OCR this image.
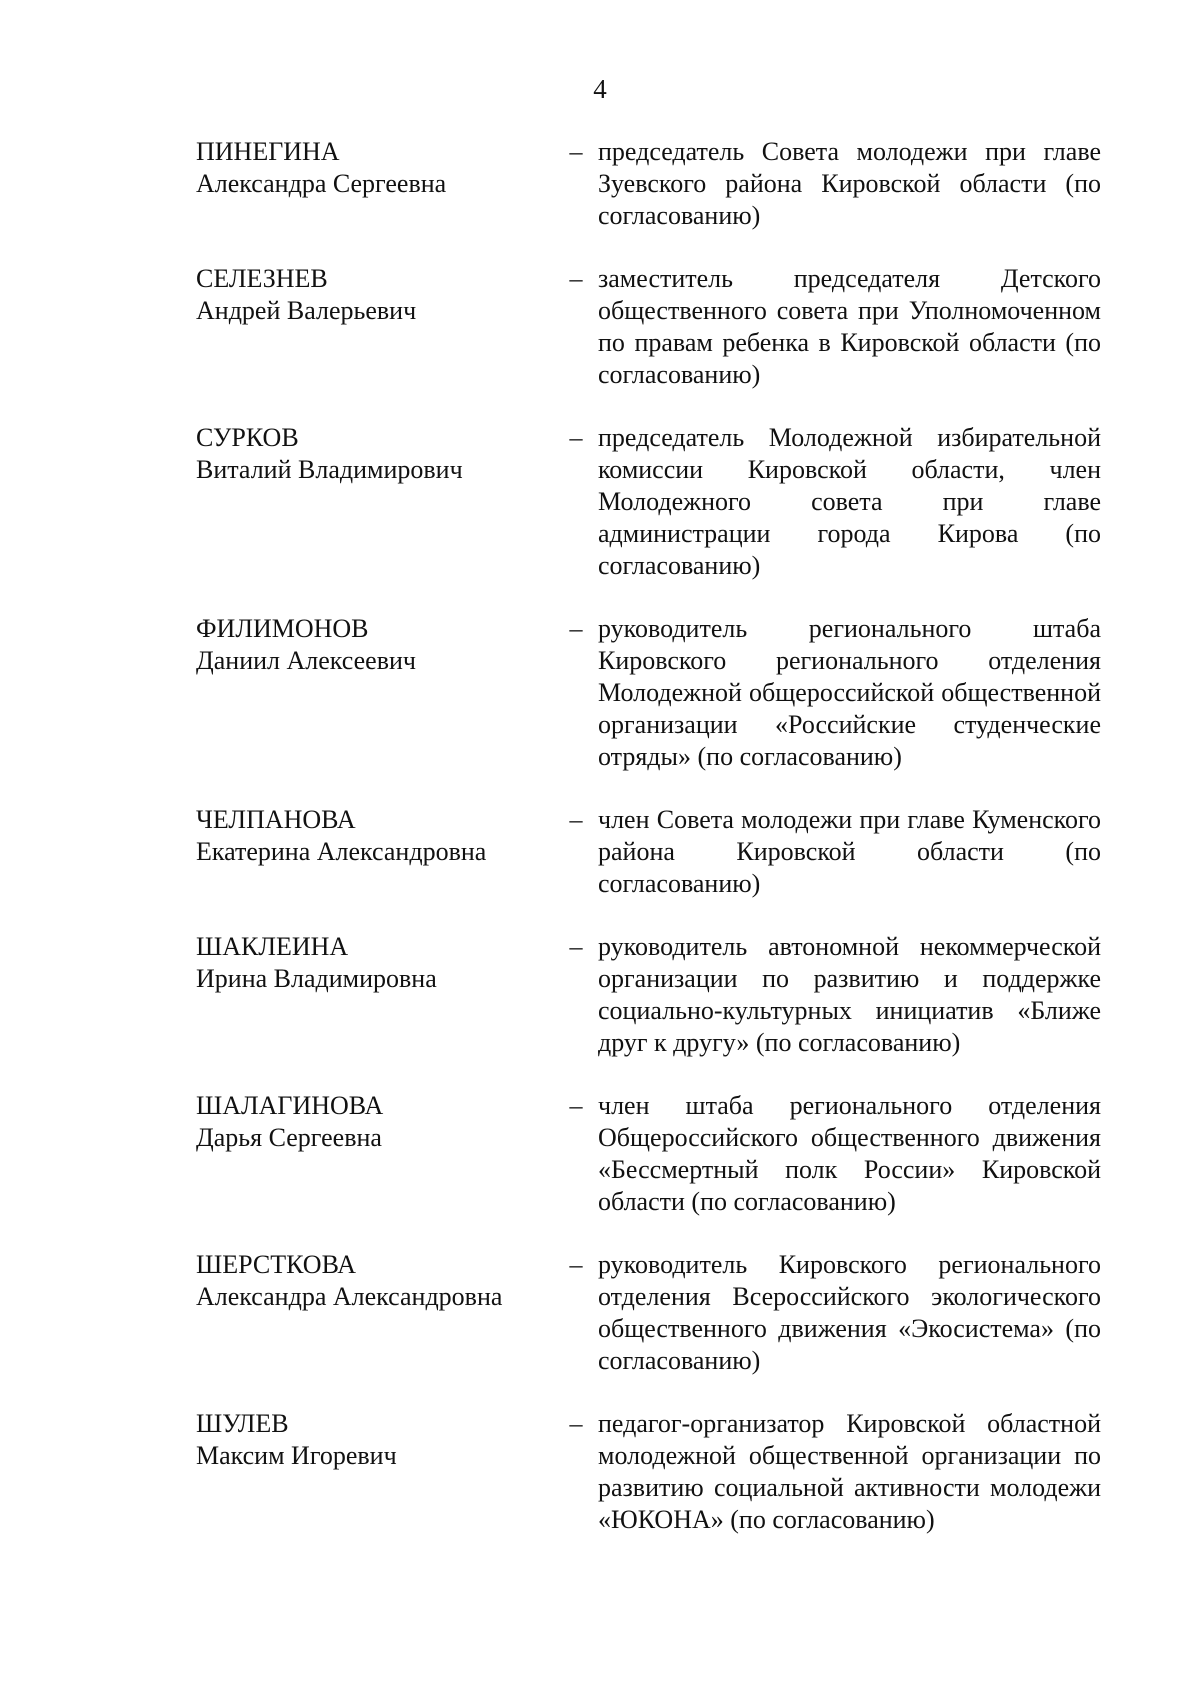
4
ПИНЕГИНА
Александра Сергеевна
– председатель Совета молодежи при главе Зуевского района Кировской области (по согласованию)

СЕЛЕЗНЕВ
Андрей Валерьевич
– заместитель председателя Детского общественного совета при Уполномоченном по правам ребенка в Кировской области (по согласованию)

СУРКОВ
Виталий Владимирович
– председатель Молодежной избирательной комиссии Кировской области, член Молодежного совета при главе администрации города Кирова (по согласованию)

ФИЛИМОНОВ
Даниил Алексеевич
– руководитель регионального штаба Кировского регионального отделения Молодежной общероссийской общественной организации «Российские студенческие отряды» (по согласованию)

ЧЕЛПАНОВА
Екатерина Александровна
– член Совета молодежи при главе Куменского района Кировской области (по согласованию)

ШАКЛЕИНА
Ирина Владимировна
– руководитель автономной некоммерческой организации по развитию и поддержке социально-культурных инициатив «Ближе друг к другу» (по согласованию)

ШАЛАГИНОВА
Дарья Сергеевна
– член штаба регионального отделения Общероссийского общественного движения «Бессмертный полк России» Кировской области (по согласованию)

ШЕРСТКОВА
Александра Александровна
– руководитель Кировского регионального отделения Всероссийского экологического общественного движения «Экосистема» (по согласованию)

ШУЛЕВ
Максим Игоревич
– педагог-организатор Кировской областной молодежной общественной организации по развитию социальной активности молодежи «ЮКОНА» (по согласованию)
